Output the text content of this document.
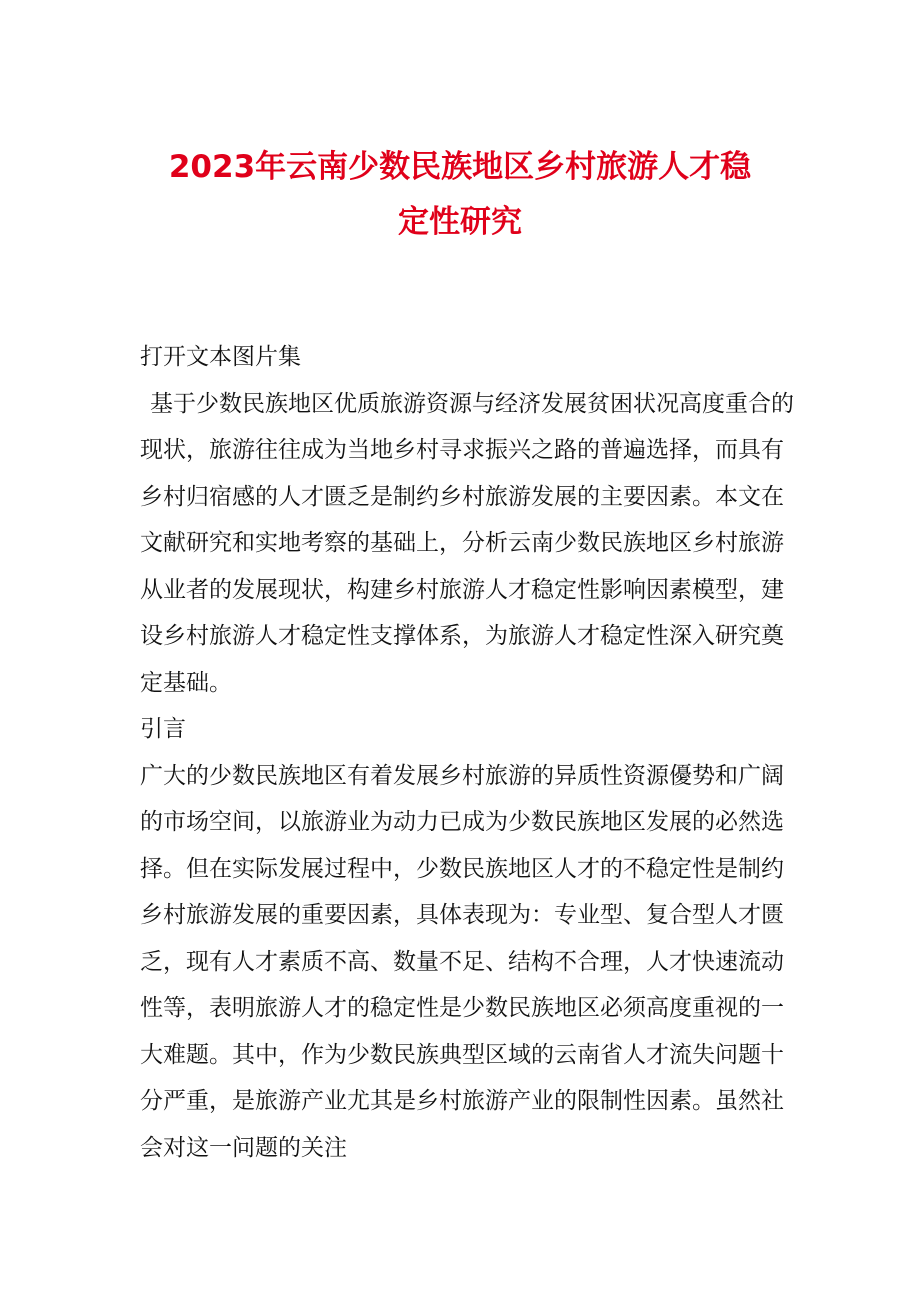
2023年云南少数民族地区乡村旅游人才稳
定性研究

打开文本图片集

基于少数民族地区优质旅游资源与经济发展贫困状况高度重合的现状，旅游往往成为当地乡村寻求振兴之路的普遍选择，而具有乡村归宿感的人才匮乏是制约乡村旅游发展的主要因素。本文在文献研究和实地考察的基础上，分析云南少数民族地区乡村旅游从业者的发展现状，构建乡村旅游人才稳定性影响因素模型，建设乡村旅游人才稳定性支撑体系，为旅游人才稳定性深入研究奠定基础。

引言

广大的少数民族地区有着发展乡村旅游的异质性资源優势和广阔的市场空间，以旅游业为动力已成为少数民族地区发展的必然选择。但在实际发展过程中，少数民族地区人才的不稳定性是制约乡村旅游发展的重要因素，具体表现为：专业型、复合型人才匮乏，现有人才素质不高、数量不足、结构不合理，人才快速流动性等，表明旅游人才的稳定性是少数民族地区必须高度重视的一大难题。其中，作为少数民族典型区域的云南省人才流失问题十分严重，是旅游产业尤其是乡村旅游产业的限制性因素。虽然社会对这一问题的关注
